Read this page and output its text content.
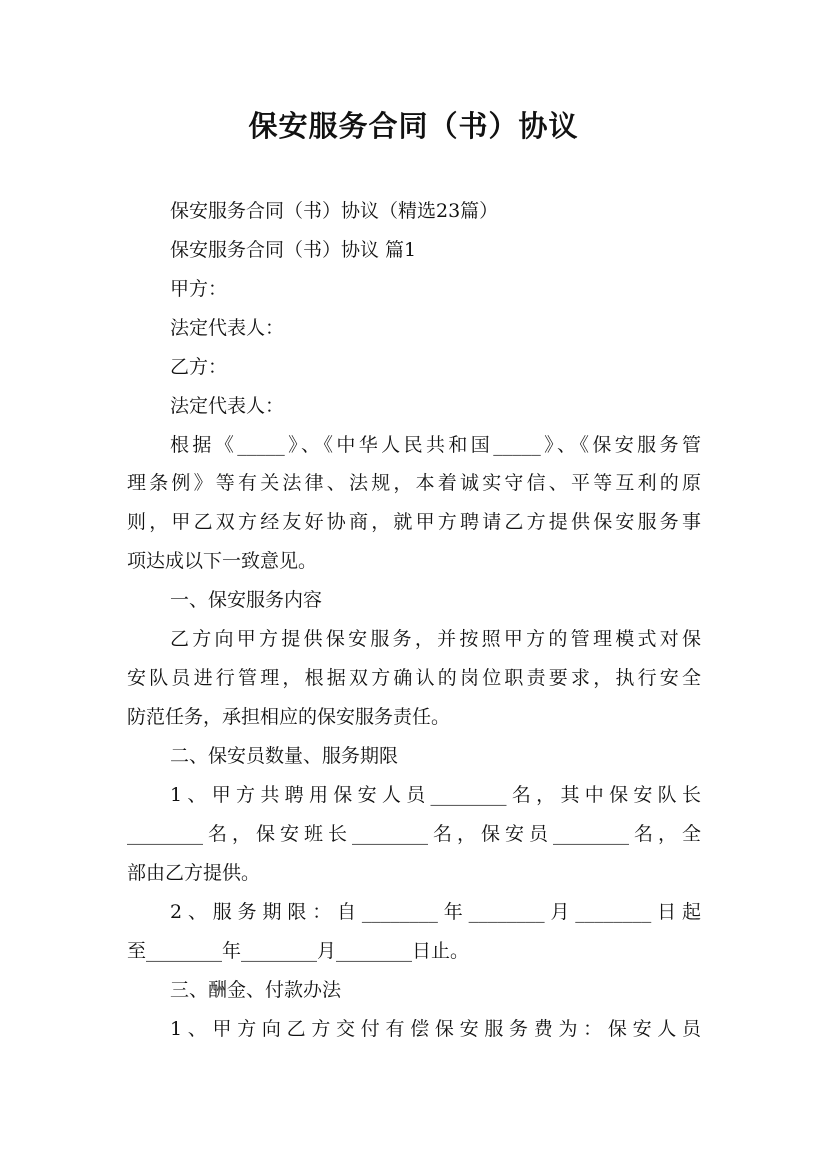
保安服务合同（书）协议
保安服务合同（书）协议（精选23篇）
保安服务合同（书）协议 篇1
甲方：
法定代表人：
乙方：
法定代表人：
根据《_____》、《中华人民共和国_____》、《保安服务管
理条例》等有关法律、法规，本着诚实守信、平等互利的原
则，甲乙双方经友好协商，就甲方聘请乙方提供保安服务事
项达成以下一致意见。
一、保安服务内容
乙方向甲方提供保安服务，并按照甲方的管理模式对保
安队员进行管理，根据双方确认的岗位职责要求，执行安全
防范任务，承担相应的保安服务责任。
二、保安员数量、服务期限
1、甲方共聘用保安人员________名，其中保安队长
________名，保安班长________名，保安员________名，全
部由乙方提供。
2、服务期限：自________年________月________日起
至________年________月________日止。
三、酬金、付款办法
1、甲方向乙方交付有偿保安服务费为：保安人员
